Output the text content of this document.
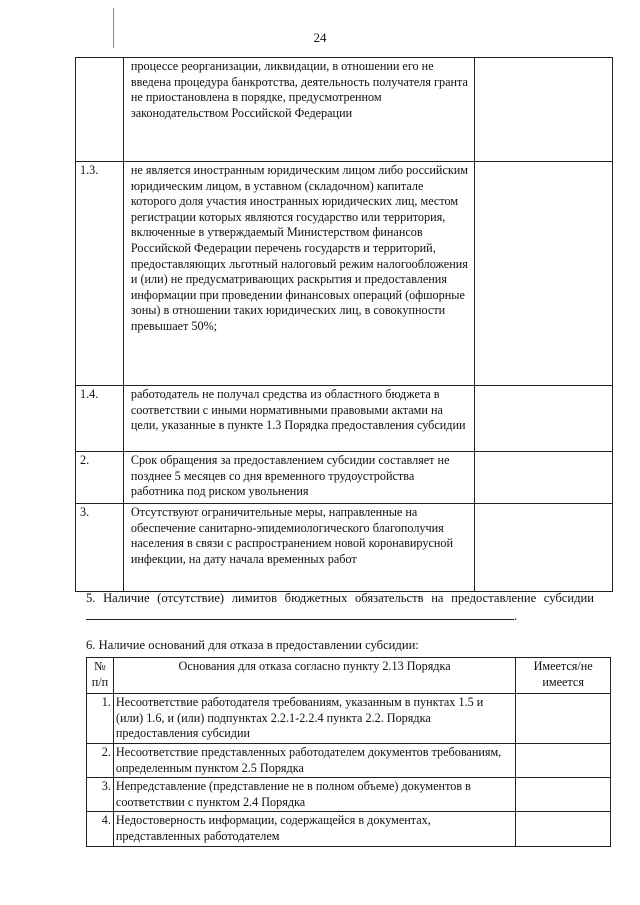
24
	процессе реорганизации, ликвидации, в отношении его не введена процедура банкротства, деятельность получателя гранта не приостановлена в порядке, предусмотренном законодательством Российской Федерации	
1.3.	не является иностранным юридическим лицом либо российским юридическим лицом, в уставном (складочном) капитале которого доля участия иностранных юридических лиц, местом регистрации которых являются государство или территория, включенные в утверждаемый Министерством финансов Российской Федерации перечень государств и территорий, предоставляющих льготный налоговый режим налогообложения и (или) не предусматривающих раскрытия и предоставления информации при проведении финансовых операций (офшорные зоны) в отношении таких юридических лиц, в совокупности превышает 50%;	
1.4.	работодатель не получал средства из областного бюджета в соответствии с иными нормативными правовыми актами на цели, указанные в пункте 1.3 Порядка предоставления субсидии	
2.	Срок обращения за предоставлением субсидии составляет не позднее 5 месяцев со дня временного трудоустройства работника под риском увольнения	
3.	Отсутствуют ограничительные меры, направленные на обеспечение санитарно-эпидемиологического благополучия населения в связи с распространением новой коронавирусной инфекции, на дату начала временных работ	
5. Наличие (отсутствие) лимитов бюджетных обязательств на предоставление субсидии.
6. Наличие оснований для отказа в предоставлении субсидии:
№ п/п	Основания для отказа согласно пункту 2.13 Порядка	Имеется/не имеется
1.	Несоответствие работодателя требованиям, указанным в пунктах 1.5 и (или) 1.6, и (или) подпунктах 2.2.1-2.2.4 пункта 2.2. Порядка предоставления субсидии	
2.	Несоответствие представленных работодателем документов требованиям, определенным пунктом 2.5 Порядка	
3.	Непредставление (представление не в полном объеме) документов в соответствии с пунктом 2.4 Порядка	
4.	Недостоверность информации, содержащейся в документах, представленных работодателем	
